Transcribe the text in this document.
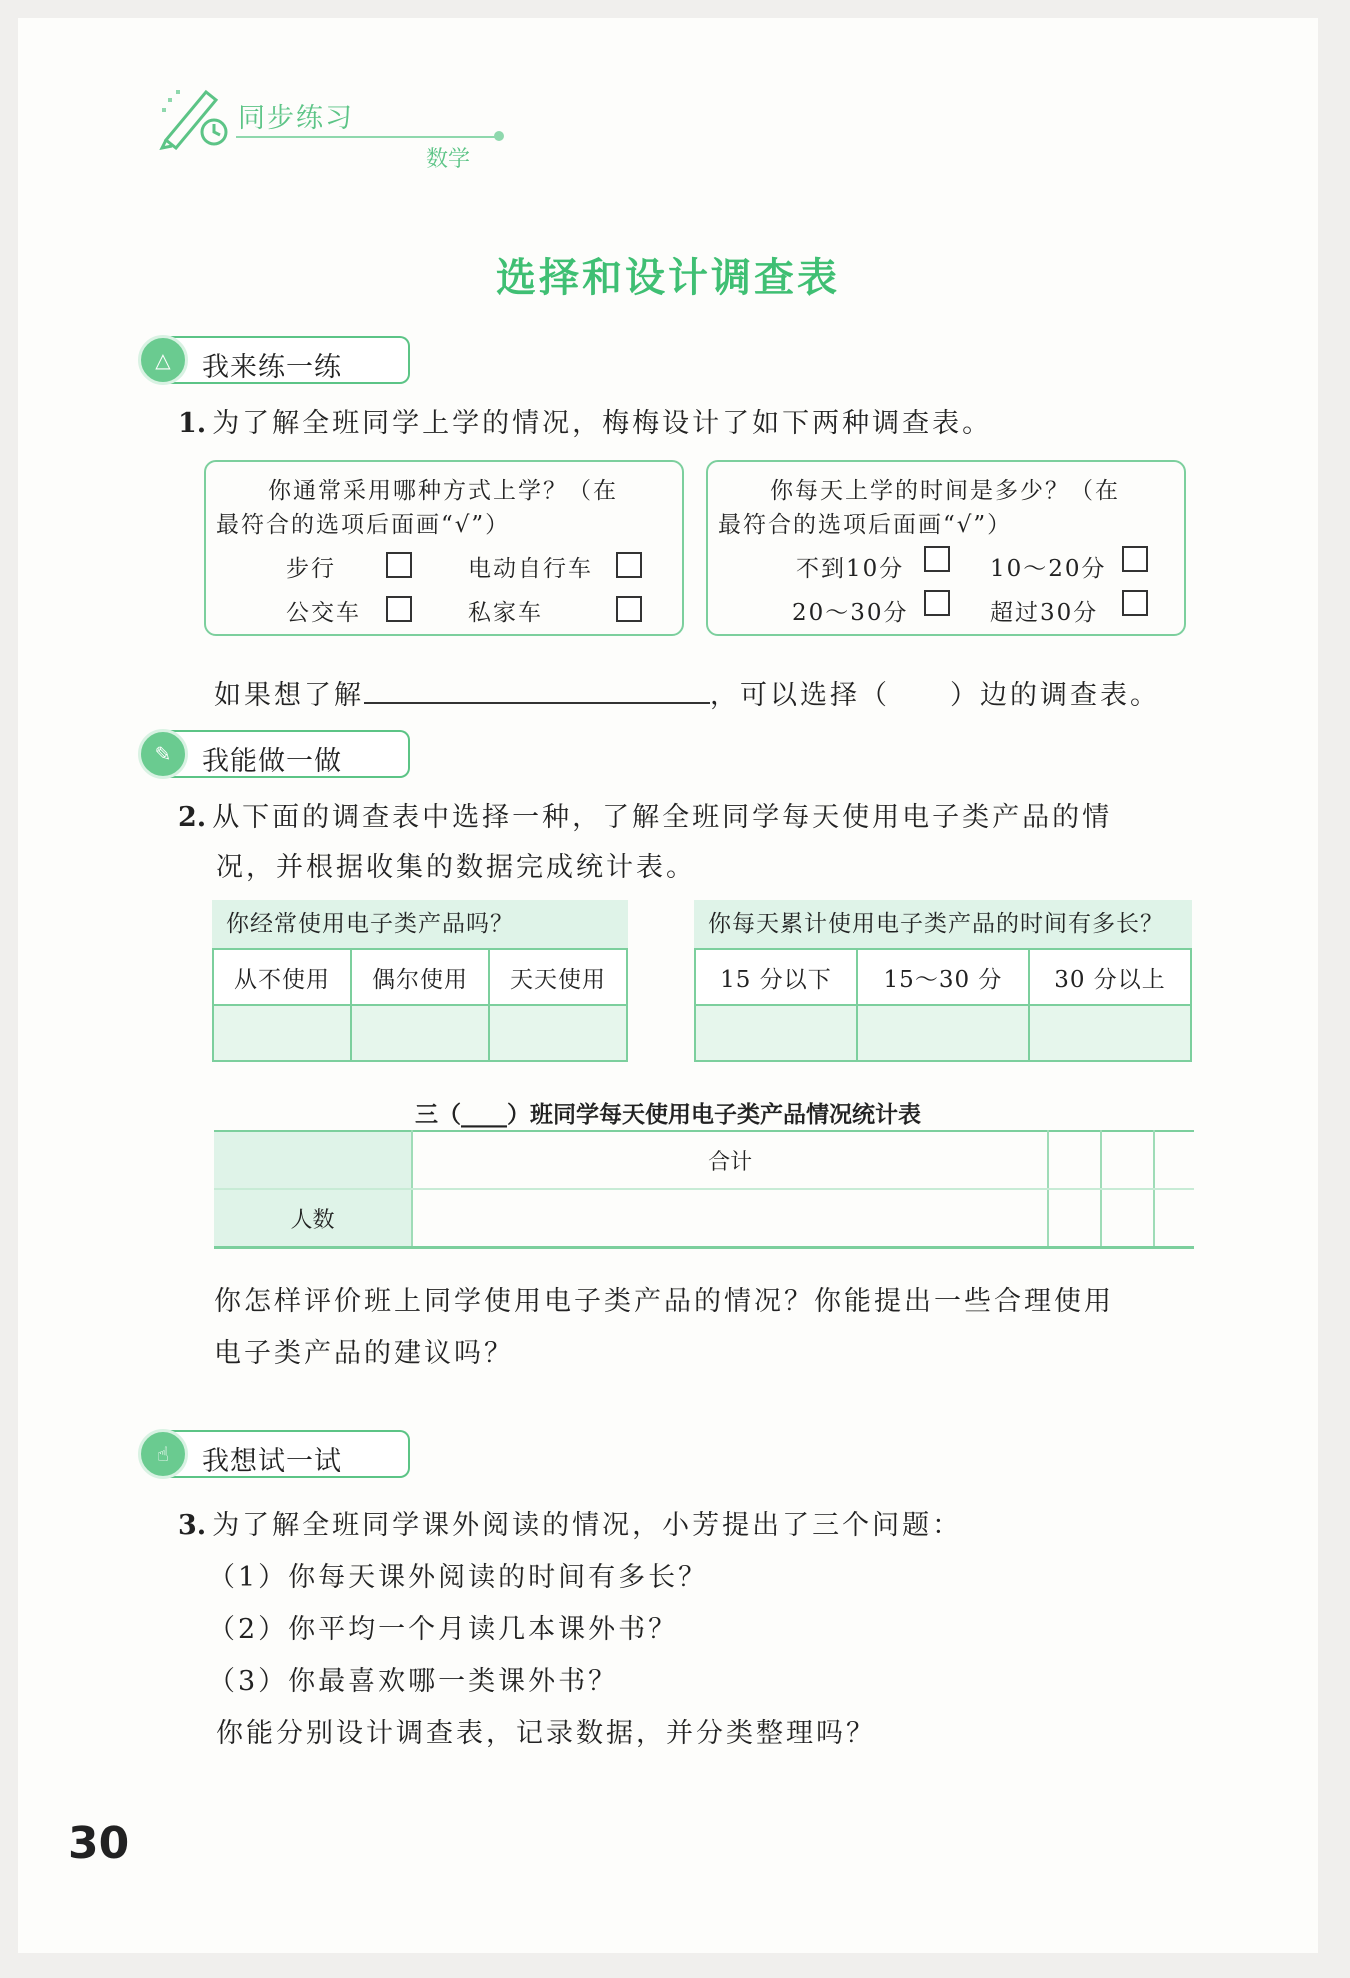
同步练习
数学
选择和设计调查表
△	我来练一练
1. 为了解全班同学上学的情况，梅梅设计了如下两种调查表。
你通常采用哪种方式上学？（在
最符合的选项后面画“√”）
步行	电动自行车
公交车	私家车
你每天上学的时间是多少？（在
最符合的选项后面画“√”）
不到10分	10～20分
20～30分	超过30分
如果想了解	，可以选择（　　）边的调查表。
✎	我能做一做
2. 从下面的调查表中选择一种，了解全班同学每天使用电子类产品的情
况，并根据收集的数据完成统计表。
你经常使用电子类产品吗？
从不使用	偶尔使用	天天使用

你每天累计使用电子类产品的时间有多长？
15 分以下	15～30 分	30 分以上

三（____）班同学每天使用电子类产品情况统计表
	合计			
人数				
你怎样评价班上同学使用电子类产品的情况？你能提出一些合理使用
电子类产品的建议吗？
☝	我想试一试
3. 为了解全班同学课外阅读的情况，小芳提出了三个问题：
（1）你每天课外阅读的时间有多长？
（2）你平均一个月读几本课外书？
（3）你最喜欢哪一类课外书？
你能分别设计调查表，记录数据，并分类整理吗？
30
